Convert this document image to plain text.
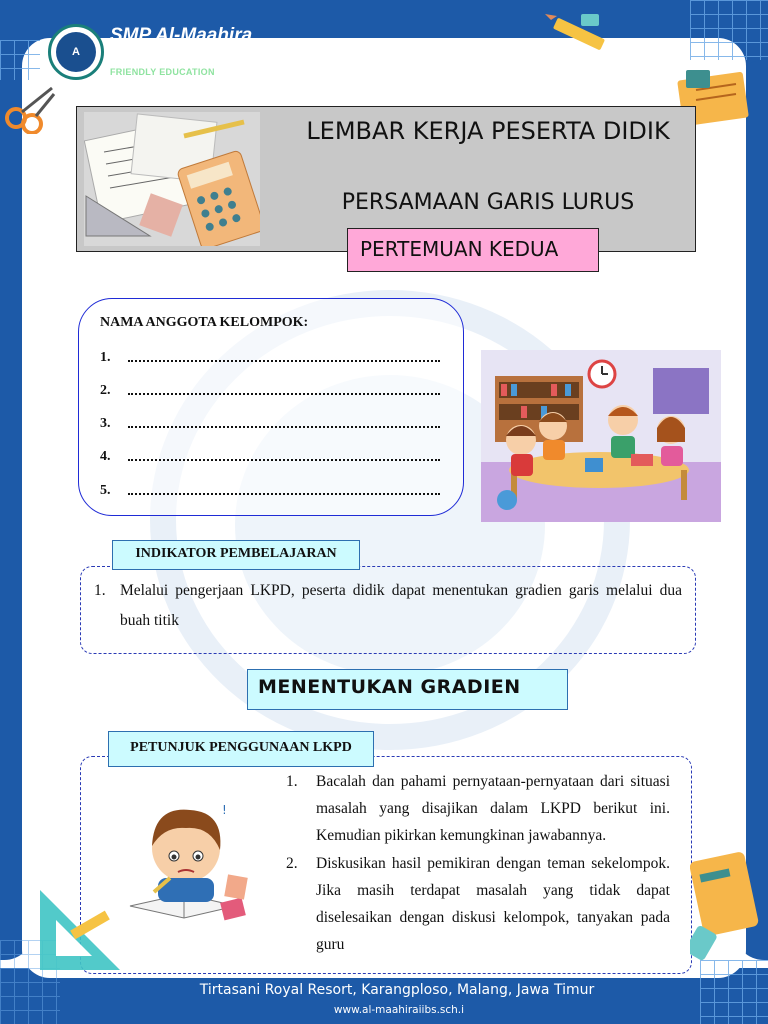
A
SMP Al-Maahira
IIBS Malang
FRIENDLY EDUCATION
LEMBAR KERJA PESERTA DIDIK
PERSAMAAN GARIS LURUS
PERTEMUAN KEDUA
NAMA ANGGOTA KELOMPOK:
1.
2.
3.
4.
5.
INDIKATOR PEMBELAJARAN
1. Melalui pengerjaan LKPD, peserta didik dapat menentukan gradien garis melalui dua buah titik
MENENTUKAN GRADIEN
PETUNJUK PENGGUNAAN LKPD
1. Bacalah dan pahami pernyataan-pernyataan dari situasi masalah yang disajikan dalam LKPD berikut ini. Kemudian pikirkan kemungkinan jawabannya.
2. Diskusikan hasil pemikiran dengan teman sekelompok. Jika masih terdapat masalah yang tidak dapat diselesaikan dengan diskusi kelompok, tanyakan pada guru
!
Tirtasani Royal Resort, Karangploso, Malang, Jawa Timur
www.al-maahiraiibs.sch.i
